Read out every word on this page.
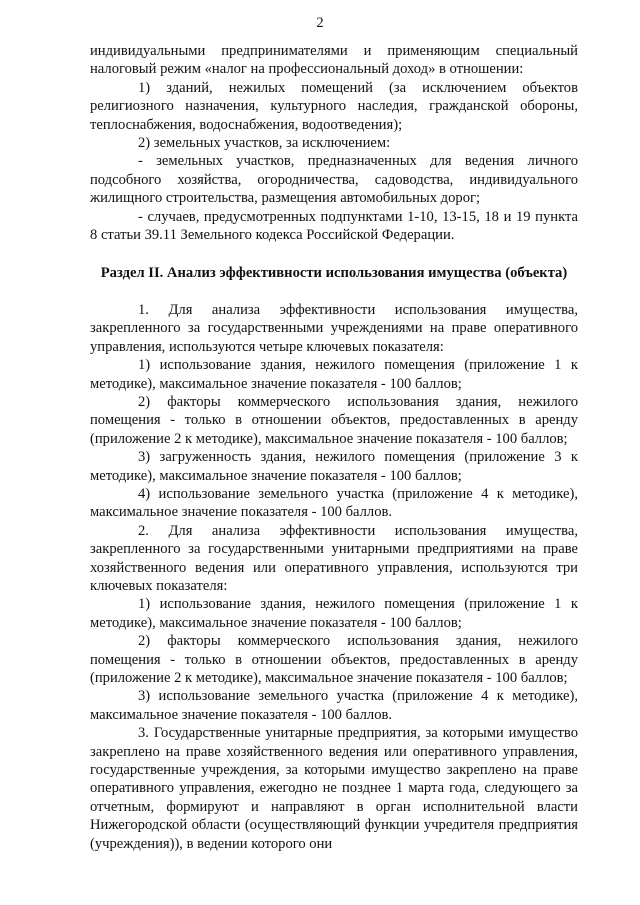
2

индивидуальными предпринимателями и применяющим специальный налоговый режим «налог на профессиональный доход» в отношении:

1) зданий, нежилых помещений (за исключением объектов религиозного назначения, культурного наследия, гражданской обороны, теплоснабжения, водоснабжения, водоотведения);

2) земельных участков, за исключением:

- земельных участков, предназначенных для ведения личного подсобного хозяйства, огородничества, садоводства, индивидуального жилищного строительства, размещения автомобильных дорог;

- случаев, предусмотренных подпунктами 1-10, 13-15, 18 и 19 пункта 8 статьи 39.11 Земельного кодекса Российской Федерации.

Раздел II. Анализ эффективности использования имущества (объекта)

1. Для анализа эффективности использования имущества, закрепленного за государственными учреждениями на праве оперативного управления, используются четыре ключевых показателя:

1) использование здания, нежилого помещения (приложение 1 к методике), максимальное значение показателя - 100 баллов;

2) факторы коммерческого использования здания, нежилого помещения - только в отношении объектов, предоставленных в аренду (приложение 2 к методике), максимальное значение показателя - 100 баллов;

3) загруженность здания, нежилого помещения (приложение 3 к методике), максимальное значение показателя - 100 баллов;

4) использование земельного участка (приложение 4 к методике), максимальное значение показателя - 100 баллов.

2. Для анализа эффективности использования имущества, закрепленного за государственными унитарными предприятиями на праве хозяйственного ведения или оперативного управления, используются три ключевых показателя:

1) использование здания, нежилого помещения (приложение 1 к методике), максимальное значение показателя - 100 баллов;

2) факторы коммерческого использования здания, нежилого помещения - только в отношении объектов, предоставленных в аренду (приложение 2 к методике), максимальное значение показателя - 100 баллов;

3) использование земельного участка (приложение 4 к методике), максимальное значение показателя - 100 баллов.

3. Государственные унитарные предприятия, за которыми имущество закреплено на праве хозяйственного ведения или оперативного управления, государственные учреждения, за которыми имущество закреплено на праве оперативного управления, ежегодно не позднее 1 марта года, следующего за отчетным, формируют и направляют в орган исполнительной власти Нижегородской области (осуществляющий функции учредителя предприятия (учреждения)), в ведении которого они
